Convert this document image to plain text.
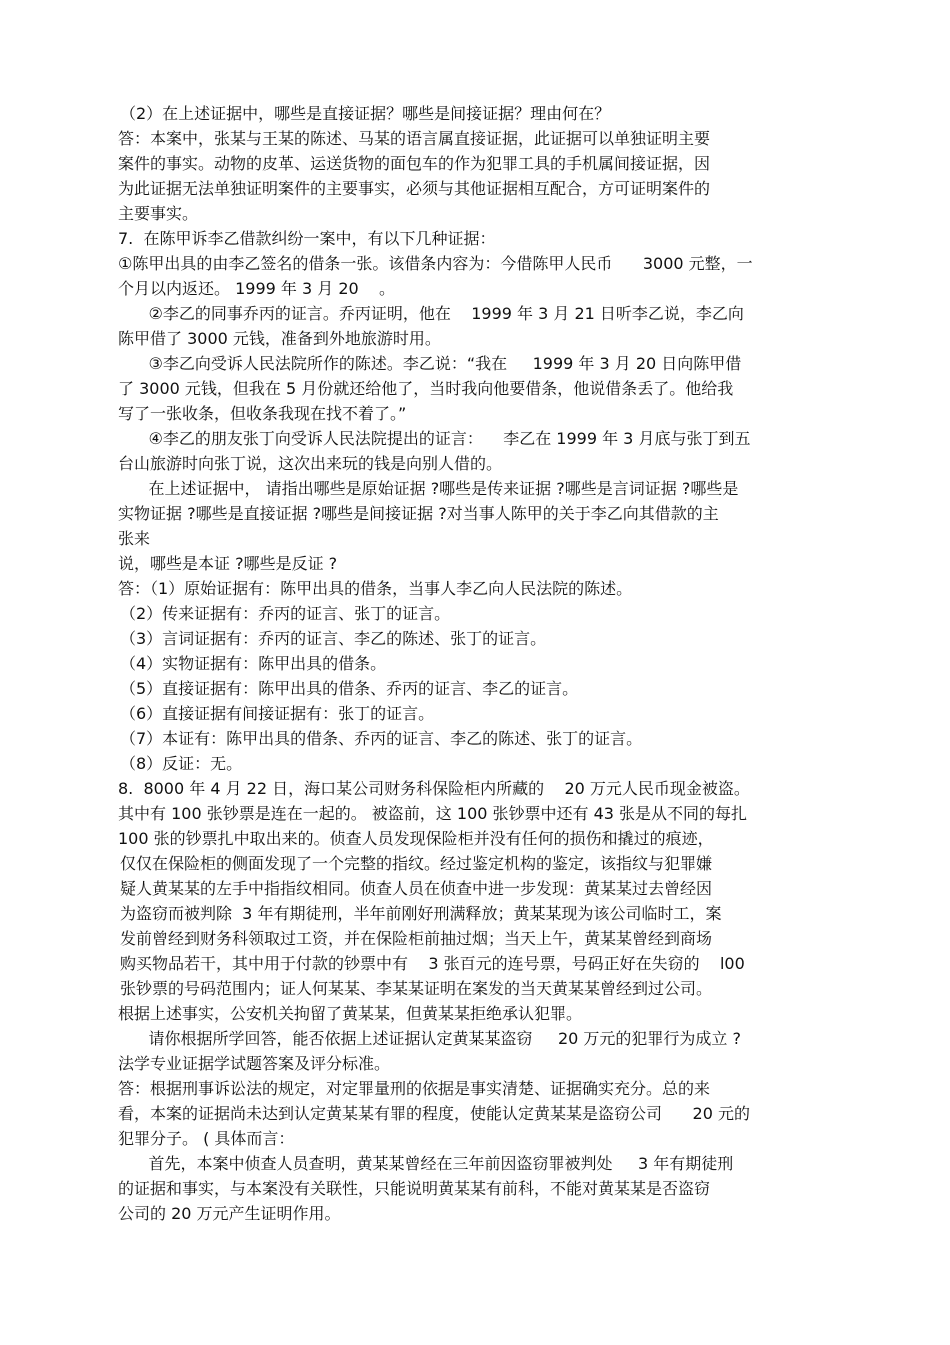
（2）在上述证据中，哪些是直接证据？哪些是间接证据？理由何在？
答：本案中，张某与王某的陈述、马某的语言属直接证据，此证据可以单独证明主要
案件的事实。动物的皮革、运送货物的面包车的作为犯罪工具的手机属间接证据，因
为此证据无法单独证明案件的主要事实，必须与其他证据相互配合，方可证明案件的
主要事实。
7.  在陈甲诉李乙借款纠纷一案中，有以下几种证据：
①陈甲出具的由李乙签名的借条一张。该借条内容为：今借陈甲人民币      3000 元整，一
个月以内返还。 1999 年 3 月 20    。
②李乙的同事乔丙的证言。乔丙证明，他在    1999 年 3 月 21 日听李乙说，李乙向
陈甲借了 3000 元钱，准备到外地旅游时用。
③李乙向受诉人民法院所作的陈述。李乙说：“我在     1999 年 3 月 20 日向陈甲借
了 3000 元钱，但我在 5 月份就还给他了，当时我向他要借条，他说借条丢了。他给我
写了一张收条，但收条我现在找不着了。”
④李乙的朋友张丁向受诉人民法院提出的证言：    李乙在 1999 年 3 月底与张丁到五
台山旅游时向张丁说，这次出来玩的钱是向别人借的。
在上述证据中， 请指出哪些是原始证据 ?哪些是传来证据 ?哪些是言词证据 ?哪些是
实物证据 ?哪些是直接证据 ?哪些是间接证据 ?对当事人陈甲的关于李乙向其借款的主
张来
说，哪些是本证 ?哪些是反证 ?
答：（1）原始证据有：陈甲出具的借条，当事人李乙向人民法院的陈述。
（2）传来证据有：乔丙的证言、张丁的证言。
（3）言词证据有：乔丙的证言、李乙的陈述、张丁的证言。
（4）实物证据有：陈甲出具的借条。
（5）直接证据有：陈甲出具的借条、乔丙的证言、李乙的证言。
（6）直接证据有间接证据有：张丁的证言。
（7）本证有：陈甲出具的借条、乔丙的证言、李乙的陈述、张丁的证言。
（8）反证：无。
8.  8000 年 4 月 22 日，海口某公司财务科保险柜内所藏的    20 万元人民币现金被盗。
其中有 100 张钞票是连在一起的。 被盗前，这 100 张钞票中还有 43 张是从不同的每扎
100 张的钞票扎中取出来的。侦查人员发现保险柜并没有任何的损伤和撬过的痕迹，
仅仅在保险柜的侧面发现了一个完整的指纹。经过鉴定机构的鉴定，该指纹与犯罪嫌
疑人黄某某的左手中指指纹相同。侦查人员在侦查中进一步发现：黄某某过去曾经因
为盗窃而被判除  3 年有期徒刑，半年前刚好刑满释放；黄某某现为该公司临时工，案
发前曾经到财务科领取过工资，并在保险柜前抽过烟；当天上午，黄某某曾经到商场
购买物品若干，其中用于付款的钞票中有    3 张百元的连号票，号码正好在失窃的    l00
张钞票的号码范围内；证人何某某、李某某证明在案发的当天黄某某曾经到过公司。
根据上述事实，公安机关拘留了黄某某，但黄某某拒绝承认犯罪。
请你根据所学回答，能否依据上述证据认定黄某某盗窃     20 万元的犯罪行为成立 ?
法学专业证据学试题答案及评分标准。
答：根据刑事诉讼法的规定，对定罪量刑的依据是事实清楚、证据确实充分。总的来
看，本案的证据尚未达到认定黄某某有罪的程度，使能认定黄某某是盗窃公司      20 元的
犯罪分子。 ( 具体而言：
首先，本案中侦查人员查明，黄某某曾经在三年前因盗窃罪被判处     3 年有期徒刑
的证据和事实，与本案没有关联性，只能说明黄某某有前科，不能对黄某某是否盗窃
公司的 20 万元产生证明作用。
